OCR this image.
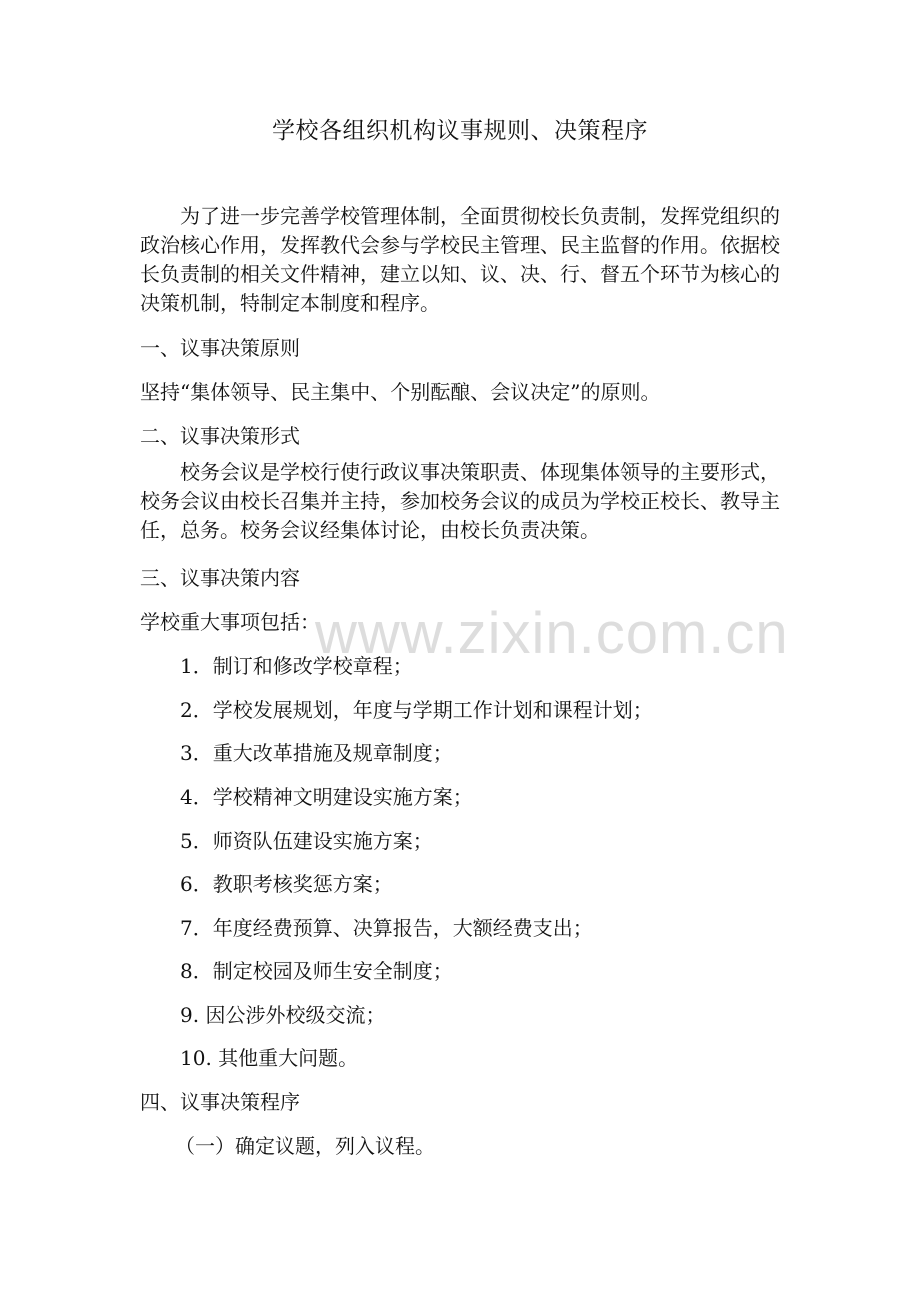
学校各组织机构议事规则、决策程序

为了进一步完善学校管理体制，全面贯彻校长负责制，发挥党组织的政治核心作用，发挥教代会参与学校民主管理、民主监督的作用。依据校长负责制的相关文件精神，建立以知、议、决、行、督五个环节为核心的决策机制，特制定本制度和程序。

一、议事决策原则

坚持“集体领导、民主集中、个别酝酿、会议决定”的原则。

二、议事决策形式

校务会议是学校行使行政议事决策职责、体现集体领导的主要形式，校务会议由校长召集并主持，参加校务会议的成员为学校正校长、教导主任，总务。校务会议经集体讨论，由校长负责决策。

三、议事决策内容

学校重大事项包括：

1．制订和修改学校章程；

2．学校发展规划，年度与学期工作计划和课程计划；

3．重大改革措施及规章制度；

4．学校精神文明建设实施方案；

5．师资队伍建设实施方案；

6．教职考核奖惩方案；

7．年度经费预算、决算报告，大额经费支出；

8．制定校园及师生安全制度；

9. 因公涉外校级交流；

10. 其他重大问题。

四、议事决策程序

（一）确定议题，列入议程。

www.zixin.com.cn
